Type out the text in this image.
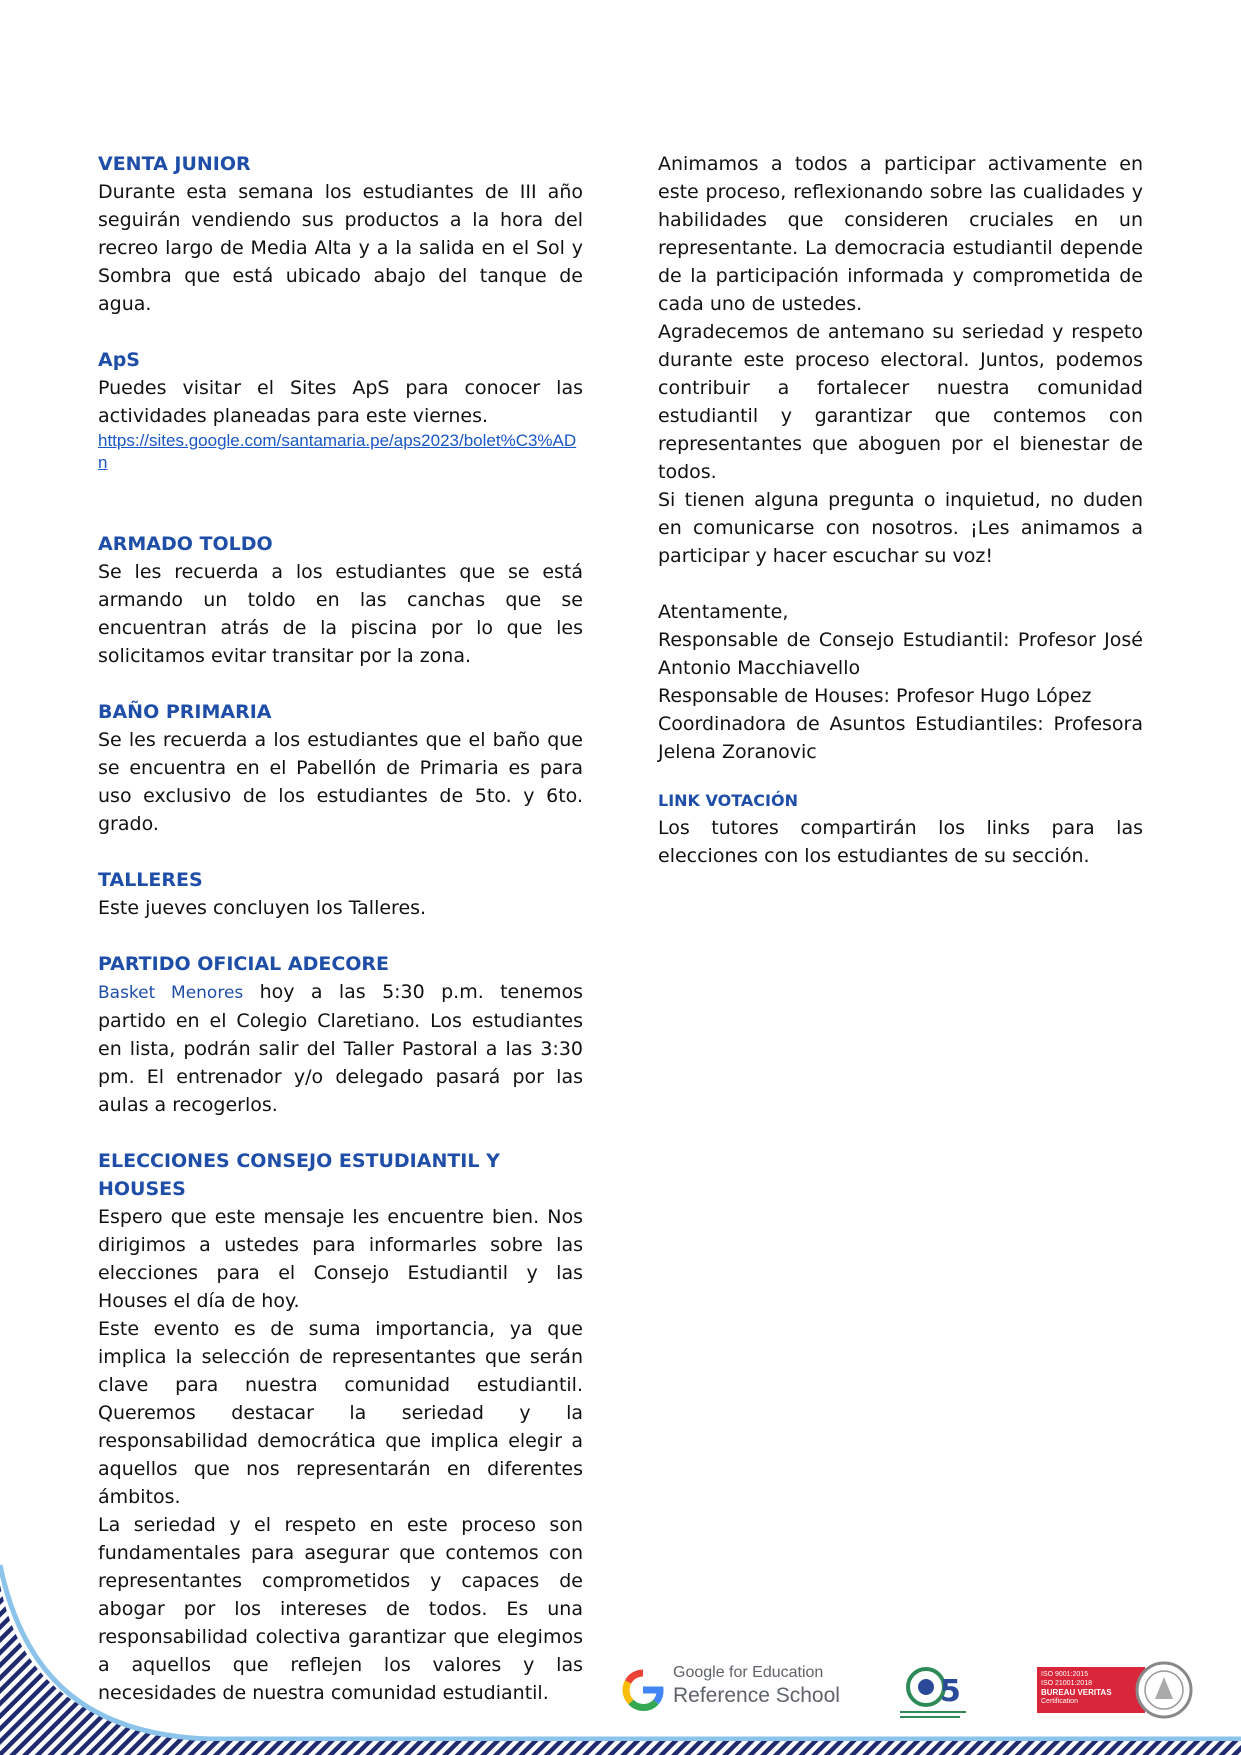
VENTA JUNIOR

Durante esta semana los estudiantes de III año seguirán vendiendo sus productos a la hora del recreo largo de Media Alta y a la salida en el Sol y Sombra que está ubicado abajo del tanque de agua.

ApS

Puedes visitar el Sites ApS para conocer las actividades planeadas para este viernes.

https://sites.google.com/santamaria.pe/aps2023/bolet%C3%ADn

ARMADO TOLDO

Se les recuerda a los estudiantes que se está armando un toldo en las canchas que se encuentran atrás de la piscina por lo que les solicitamos evitar transitar por la zona.

BAÑO PRIMARIA

Se les recuerda a los estudiantes que el baño que se encuentra en el Pabellón de Primaria es para uso exclusivo de los estudiantes de 5to. y 6to. grado.

TALLERES

Este jueves concluyen los Talleres.

PARTIDO OFICIAL ADECORE

Basket Menores hoy a las 5:30 p.m. tenemos partido en el Colegio Claretiano. Los estudiantes en lista, podrán salir del Taller Pastoral a las 3:30 pm. El entrenador y/o delegado pasará por las aulas a recogerlos.

ELECCIONES CONSEJO ESTUDIANTIL Y HOUSES

Espero que este mensaje les encuentre bien. Nos dirigimos a ustedes para informarles sobre las elecciones para el Consejo Estudiantil y las Houses el día de hoy.

Este evento es de suma importancia, ya que implica la selección de representantes que serán clave para nuestra comunidad estudiantil. Queremos destacar la seriedad y la responsabilidad democrática que implica elegir a aquellos que nos representarán en diferentes ámbitos.

La seriedad y el respeto en este proceso son fundamentales para asegurar que contemos con representantes comprometidos y capaces de abogar por los intereses de todos. Es una responsabilidad colectiva garantizar que elegimos a aquellos que reflejen los valores y las necesidades de nuestra comunidad estudiantil.

Animamos a todos a participar activamente en este proceso, reflexionando sobre las cualidades y habilidades que consideren cruciales en un representante. La democracia estudiantil depende de la participación informada y comprometida de cada uno de ustedes.

Agradecemos de antemano su seriedad y respeto durante este proceso electoral. Juntos, podemos contribuir a fortalecer nuestra comunidad estudiantil y garantizar que contemos con representantes que aboguen por el bienestar de todos.

Si tienen alguna pregunta o inquietud, no duden en comunicarse con nosotros. ¡Les animamos a participar y hacer escuchar su voz!

Atentamente,

Responsable de Consejo Estudiantil: Profesor José Antonio Macchiavello

Responsable de Houses: Profesor Hugo López

Coordinadora de Asuntos Estudiantiles: Profesora Jelena Zoranovic

LINK VOTACIÓN

Los tutores compartirán los links para las elecciones con los estudiantes de su sección.

Google for Education
Reference School	5	ISO 9001:2015
ISO 21001:2018
BUREAU VERITAS
Certification
